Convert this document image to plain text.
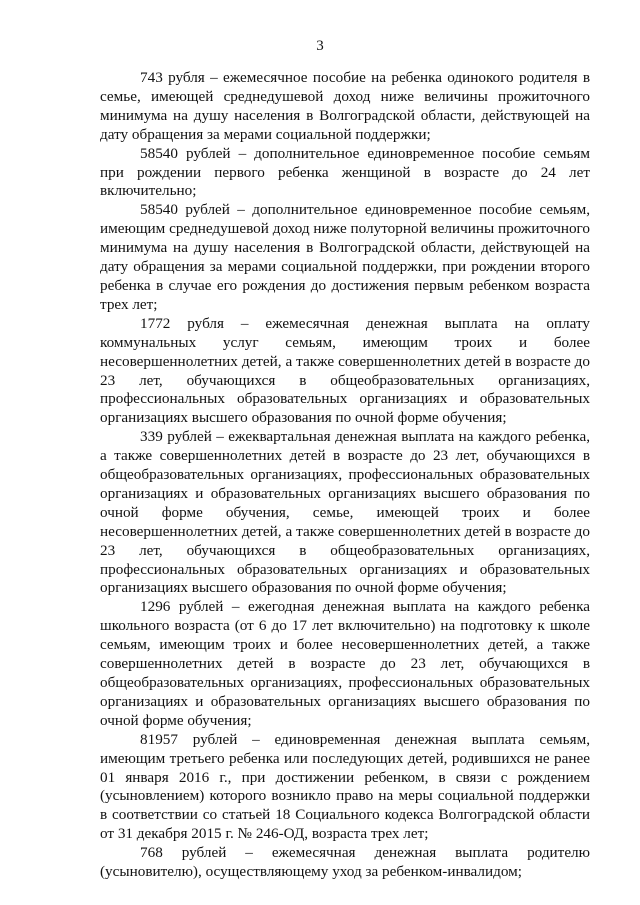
3

743 рубля – ежемесячное пособие на ребенка одинокого родителя в семье, имеющей среднедушевой доход ниже величины прожиточного минимума на душу населения в Волгоградской области, действующей на дату обращения за мерами социальной поддержки;

58540 рублей – дополнительное единовременное пособие семьям при рождении первого ребенка женщиной в возрасте до 24 лет включительно;

58540 рублей – дополнительное единовременное пособие семьям, имеющим среднедушевой доход ниже полуторной величины прожиточного минимума на душу населения в Волгоградской области, действующей на дату обращения за мерами социальной поддержки, при рождении второго ребенка в случае его рождения до достижения первым ребенком возраста трех лет;

1772 рубля – ежемесячная денежная выплата на оплату коммунальных услуг семьям, имеющим троих и более несовершеннолетних детей, а также совершеннолетних детей в возрасте до 23 лет, обучающихся в общеобразовательных организациях, профессиональных образовательных организациях и образовательных организациях высшего образования по очной форме обучения;

339 рублей – ежеквартальная денежная выплата на каждого ребенка, а также совершеннолетних детей в возрасте до 23 лет, обучающихся в общеобразовательных организациях, профессиональных образовательных организациях и образовательных организациях высшего образования по очной форме обучения, семье, имеющей троих и более несовершеннолетних детей, а также совершеннолетних детей в возрасте до 23 лет, обучающихся в общеобразовательных организациях, профессиональных образовательных организациях и образовательных организациях высшего образования по очной форме обучения;

1296 рублей – ежегодная денежная выплата на каждого ребенка школьного возраста (от 6 до 17 лет включительно) на подготовку к школе семьям, имеющим троих и более несовершеннолетних детей, а также совершеннолетних детей в возрасте до 23 лет, обучающихся в общеобразовательных организациях, профессиональных образовательных организациях и образовательных организациях высшего образования по очной форме обучения;

81957 рублей – единовременная денежная выплата семьям, имеющим третьего ребенка или последующих детей, родившихся не ранее 01 января 2016 г., при достижении ребенком, в связи с рождением (усыновлением) которого возникло право на меры социальной поддержки в соответствии со статьей 18 Социального кодекса Волгоградской области от 31 декабря 2015 г. № 246-ОД, возраста трех лет;

768 рублей – ежемесячная денежная выплата родителю (усыновителю), осуществляющему уход за ребенком-инвалидом;
